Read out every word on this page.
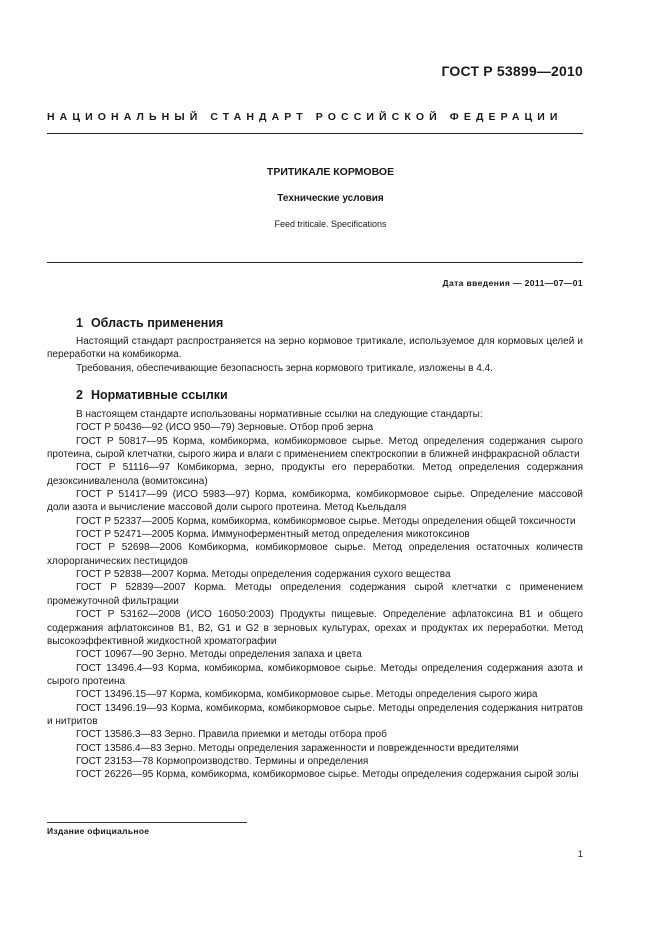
ГОСТ Р 53899—2010
НАЦИОНАЛЬНЫЙ СТАНДАРТ РОССИЙСКОЙ ФЕДЕРАЦИИ
ТРИТИКАЛЕ КОРМОВОЕ
Технические условия
Feed triticale. Specifications
Дата введения — 2011—07—01
1 Область применения

Настоящий стандарт распространяется на зерно кормовое тритикале, используемое для кормовых целей и переработки на комбикорма.

Требования, обеспечивающие безопасность зерна кормового тритикале, изложены в 4.4.

2 Нормативные ссылки

В настоящем стандарте использованы нормативные ссылки на следующие стандарты:

ГОСТ Р 50436—92 (ИСО 950—79) Зерновые. Отбор проб зерна

ГОСТ Р 50817—95 Корма, комбикорма, комбикормовое сырье. Метод определения содержания сырого протеина, сырой клетчатки, сырого жира и влаги с применением спектроскопии в ближней инфракрасной области

ГОСТ Р 51116—97 Комбикорма, зерно, продукты его переработки. Метод определения содержания дезоксиниваленола (вомитоксина)

ГОСТ Р 51417—99 (ИСО 5983—97) Корма, комбикорма, комбикормовое сырье. Определение массовой доли азота и вычисление массовой доли сырого протеина. Метод Кьельдаля

ГОСТ Р 52337—2005 Корма, комбикорма, комбикормовое сырье. Методы определения общей токсичности

ГОСТ Р 52471—2005 Корма. Иммуноферментный метод определения микотоксинов

ГОСТ Р 52698—2006 Комбикорма, комбикормовое сырье. Метод определения остаточных количеств хлорорганических пестицидов

ГОСТ Р 52838—2007 Корма. Методы определения содержания сухого вещества

ГОСТ Р 52839—2007 Корма. Методы определения содержания сырой клетчатки с применением промежуточной фильтрации

ГОСТ Р 53162—2008 (ИСО 16050:2003) Продукты пищевые. Определение афлатоксина B1 и общего содержания афлатоксинов B1, B2, G1 и G2 в зерновых культурах, орехах и продуктах их переработки. Метод высокоэффективной жидкостной хроматографии

ГОСТ 10967—90 Зерно. Методы определения запаха и цвета

ГОСТ 13496.4—93 Корма, комбикорма, комбикормовое сырье. Методы определения содержания азота и сырого протеина

ГОСТ 13496.15—97 Корма, комбикорма, комбикормовое сырье. Методы определения сырого жира

ГОСТ 13496.19—93 Корма, комбикорма, комбикормовое сырье. Методы определения содержания нитратов и нитритов

ГОСТ 13586.3—83 Зерно. Правила приемки и методы отбора проб

ГОСТ 13586.4—83 Зерно. Методы определения зараженности и поврежденности вредителями

ГОСТ 23153—78 Кормопроизводство. Термины и определения

ГОСТ 26226—95 Корма, комбикорма, комбикормовое сырье. Методы определения содержания сырой золы

Издание официальное
1
